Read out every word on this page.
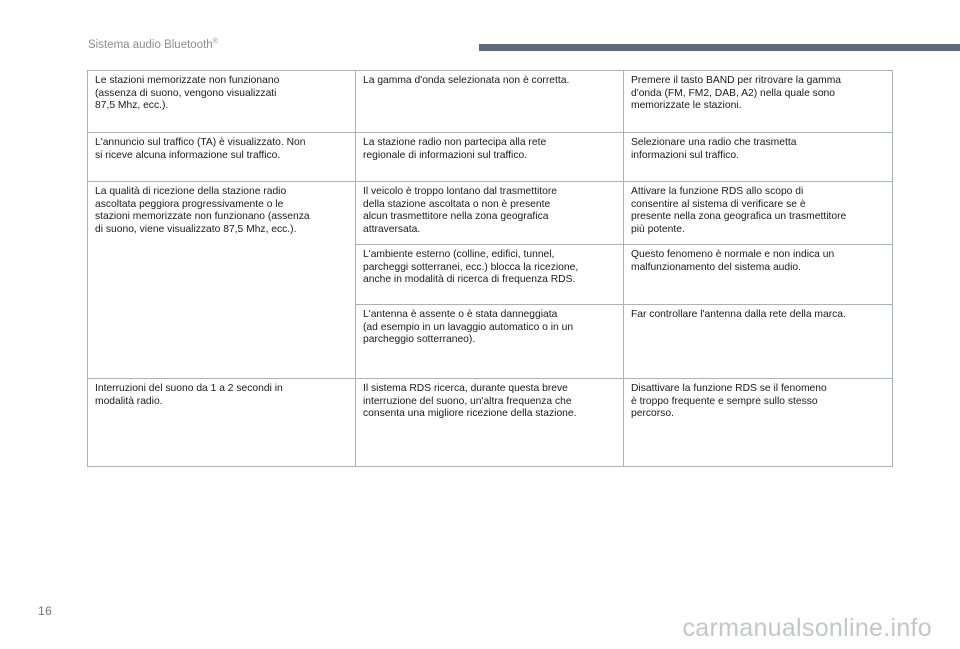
Sistema audio Bluetooth®
Le stazioni memorizzate non funzionano
(assenza di suono, vengono visualizzati
87,5 Mhz, ecc.).	La gamma d'onda selezionata non è corretta.	Premere il tasto BAND per ritrovare la gamma
d'onda (FM, FM2, DAB, A2) nella quale sono
memorizzate le stazioni.
L'annuncio sul traffico (TA) è visualizzato. Non
si riceve alcuna informazione sul traffico.	La stazione radio non partecipa alla rete
regionale di informazioni sul traffico.	Selezionare una radio che trasmetta
informazioni sul traffico.
La qualità di ricezione della stazione radio
ascoltata peggiora progressivamente o le
stazioni memorizzate non funzionano (assenza
di suono, viene visualizzato 87,5 Mhz, ecc.).	Il veicolo è troppo lontano dal trasmettitore
della stazione ascoltata o non è presente
alcun trasmettitore nella zona geografica
attraversata.	Attivare la funzione RDS allo scopo di
consentire al sistema di verificare se è
presente nella zona geografica un trasmettitore
più potente.
	L'ambiente esterno (colline, edifici, tunnel,
parcheggi sotterranei, ecc.) blocca la ricezione,
anche in modalità di ricerca di frequenza RDS.	Questo fenomeno è normale e non indica un
malfunzionamento del sistema audio.
	L'antenna è assente o è stata danneggiata
(ad esempio in un lavaggio automatico o in un
parcheggio sotterraneo).	Far controllare l'antenna dalla rete della marca.
Interruzioni del suono da 1 a 2 secondi in
modalità radio.	Il sistema RDS ricerca, durante questa breve
interruzione del suono, un'altra frequenza che
consenta una migliore ricezione della stazione.	Disattivare la funzione RDS se il fenomeno
è troppo frequente e sempre sullo stesso
percorso.
16
carmanualsonline.info
